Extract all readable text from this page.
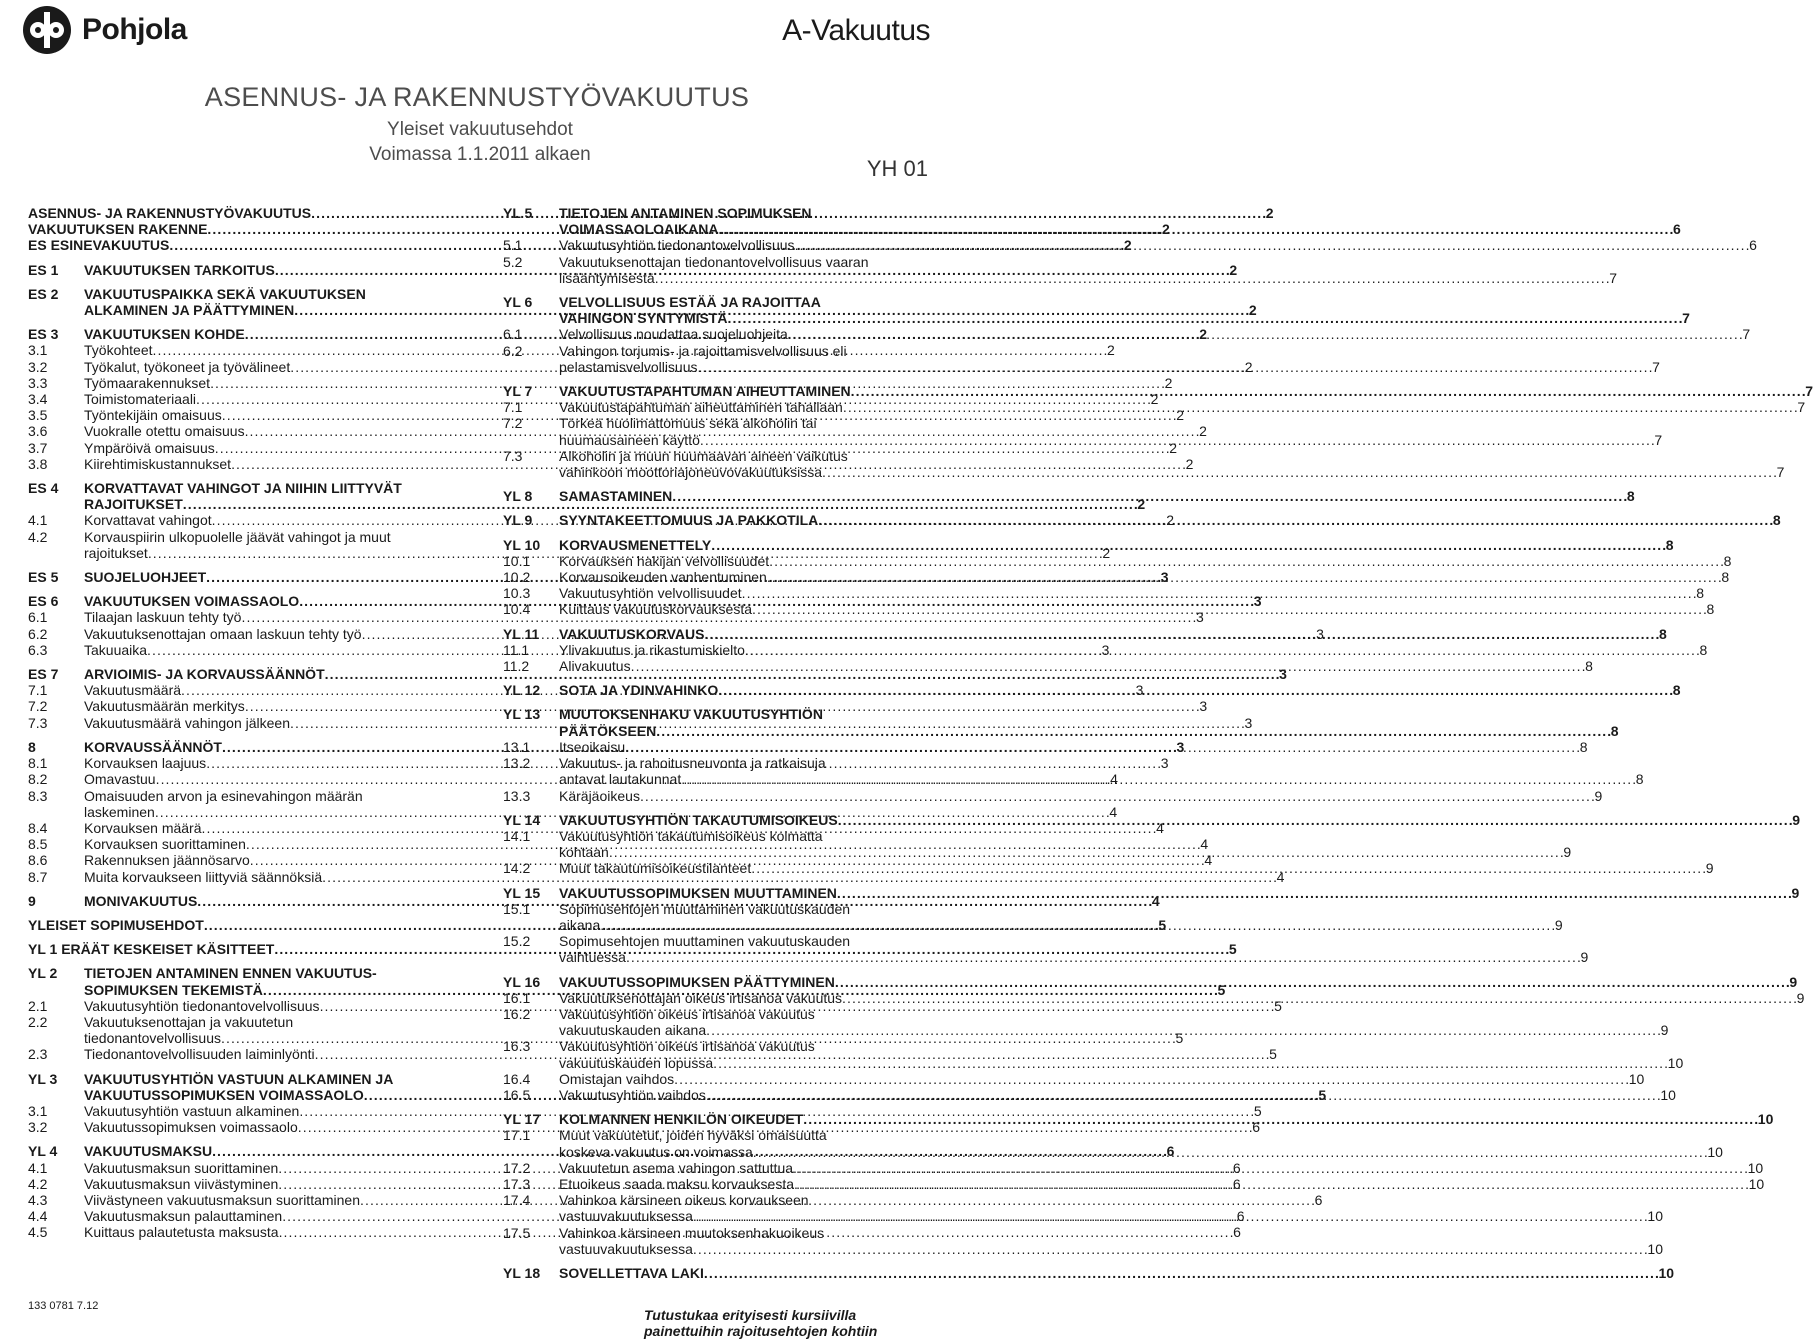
Pohjola	A-Vakuutus
ASENNUS- JA RAKENNUSTYÖVAKUUTUS
Yleiset vakuutusehdot
Voimassa 1.1.2011 alkaen
YH 01
ASENNUS- JA RAKENNUSTYÖVAKUUTUS . . .	2
VAKUUTUKSEN RAKENNE . . .	2
ES ESINEVAKUUTUS . . .	2
ES 1	VAKUUTUKSEN TARKOITUS . . .	2
ES 2	VAKUUTUSPAIKKA SEKÄ VAKUUTUKSEN
ALKAMINEN JA PÄÄTTYMINEN . . .	2
ES 3	VAKUUTUKSEN KOHDE . . .	2
3.1	Työkohteet . . .	2
3.2	Työkalut, työkoneet ja työvälineet . . .	2
3.3	Työmaarakennukset . . .	2
3.4	Toimistomateriaali . . .	2
3.5	Työntekijäin omaisuus . . .	2
3.6	Vuokralle otettu omaisuus . . .	2
3.7	Ympäröivä omaisuus . . .	2
3.8	Kiirehtimiskustannukset . . .	2
ES 4	KORVATTAVAT VAHINGOT JA NIIHIN LIITTYVÄT
RAJOITUKSET . . .	2
4.1	Korvattavat vahingot . . .	2
4.2	Korvauspiirin ulkopuolelle jäävät vahingot ja muut
rajoitukset . . .	2
ES 5	SUOJELUOHJEET . . .	3
ES 6	VAKUUTUKSEN VOIMASSAOLO . . .	3
6.1	Tilaajan laskuun tehty työ . . .	3
6.2	Vakuutuksenottajan omaan laskuun tehty työ . . .	3
6.3	Takuuaika . . .	3
ES 7	ARVIOIMIS- JA KORVAUSSÄÄNNÖT . . .	3
7.1	Vakuutusmäärä . . .	3
7.2	Vakuutusmäärän merkitys . . .	3
7.3	Vakuutusmäärä vahingon jälkeen . . .	3
8	KORVAUSSÄÄNNÖT . . .	3
8.1	Korvauksen laajuus . . .	3
8.2	Omavastuu . . .	4
8.3	Omaisuuden arvon ja esinevahingon määrän
laskeminen . . .	4
8.4	Korvauksen määrä . . .	4
8.5	Korvauksen suorittaminen . . .	4
8.6	Rakennuksen jäännösarvo . . .	4
8.7	Muita korvaukseen liittyviä säännöksiä . . .	4
9	MONIVAKUUTUS . . .	4
YLEISET SOPIMUSEHDOT . . .	5
YL 1 ERÄÄT KESKEISET KÄSITTEET . . .	5
YL 2	TIETOJEN ANTAMINEN ENNEN VAKUUTUS-
SOPIMUKSEN TEKEMISTÄ . . .	5
2.1	Vakuutusyhtiön tiedonantovelvollisuus . . .	5
2.2	Vakuutuksenottajan ja vakuutetun
tiedonantovelvollisuus . . .	5
2.3	Tiedonantovelvollisuuden laiminlyönti . . .	5
YL 3	VAKUUTUSYHTIÖN VASTUUN ALKAMINEN JA
VAKUUTUSSOPIMUKSEN VOIMASSAOLO . . .	5
3.1	Vakuutusyhtiön vastuun alkaminen . . .	5
3.2	Vakuutussopimuksen voimassaolo . . .	6
YL 4	VAKUUTUSMAKSU . . .	6
4.1	Vakuutusmaksun suorittaminen . . .	6
4.2	Vakuutusmaksun viivästyminen . . .	6
4.3	Viivästyneen vakuutusmaksun suorittaminen . . .	6
4.4	Vakuutusmaksun palauttaminen . . .	6
4.5	Kuittaus palautetusta maksusta . . .	6
YL 5	TIETOJEN ANTAMINEN SOPIMUKSEN
VOIMASSAOLOAIKANA . . .	6
5.1	Vakuutusyhtiön tiedonantovelvollisuus . . .	6
5.2	Vakuutuksenottajan tiedonantovelvollisuus vaaran
lisääntymisestä . . .	7
YL 6	VELVOLLISUUS ESTÄÄ JA RAJOITTAA
VAHINGON SYNTYMISTÄ . . .	7
6.1	Velvollisuus noudattaa suojeluohjeita . . .	7
6.2	Vahingon torjumis- ja rajoittamisvelvollisuus eli
pelastamisvelvollisuus . . .	7
YL 7	VAKUUTUSTAPAHTUMAN AIHEUTTAMINEN . . .	7
7.1	Vakuutustapahtuman aiheuttaminen tahallaan . . .	7
7.2	Törkeä huolimattomuus sekä alkoholin tai
huumausaineen käyttö . . .	7
7.3	Alkoholin ja muun huumaavan aineen vaikutus
vahinkoon moottoriajoneuvovakuutuksissa . . .	7
YL 8	SAMASTAMINEN . . .	8
YL 9	SYYNTAKEETTOMUUS JA PAKKOTILA . . .	8
YL 10	KORVAUSMENETTELY . . .	8
10.1	Korvauksen hakijan velvollisuudet . . .	8
10.2	Korvausoikeuden vanhentuminen . . .	8
10.3	Vakuutusyhtiön velvollisuudet . . .	8
10.4	Kuittaus vakuutuskorvauksesta . . .	8
YL 11	VAKUUTUSKORVAUS . . .	8
11.1	Ylivakuutus ja rikastumiskielto . . .	8
11.2	Alivakuutus . . .	8
YL 12	SOTA JA YDINVAHINKO . . .	8
YL 13	MUUTOKSENHAKU VAKUUTUSYHTIÖN
PÄÄTÖKSEEN . . .	8
13.1	Itseoikaisu . . .	8
13.2	Vakuutus- ja rahoitusneuvonta ja ratkaisuja
antavat lautakunnat . . .	8
13.3	Käräjäoikeus . . .	9
YL 14	VAKUUTUSYHTIÖN TAKAUTUMISOIKEUS . . .	9
14.1	Vakuutusyhtiön takautumisoikeus kolmatta
kohtaan . . .	9
14.2	Muut takautumisoikeustilanteet . . .	9
YL 15	VAKUUTUSSOPIMUKSEN MUUTTAMINEN . . .	9
15.1	Sopimusehtojen muuttaminen vakuutuskauden
aikana . . .	9
15.2	Sopimusehtojen muuttaminen vakuutuskauden
vaihtuessa . . .	9
YL 16	VAKUUTUSSOPIMUKSEN PÄÄTTYMINEN . . .	9
16.1	Vakuutuksenottajan oikeus irtisanoa vakuutus . . .	9
16.2	Vakuutusyhtiön oikeus irtisanoa vakuutus
vakuutuskauden aikana . . .	9
16.3	Vakuutusyhtiön oikeus irtisanoa vakuutus
vakuutuskauden lopussa . . .	10
16.4	Omistajan vaihdos . . .	10
16.5	Vakuutusyhtiön vaihdos . . .	10
YL 17	KOLMANNEN HENKILÖN OIKEUDET . . .	10
17.1	Muut vakuutetut, joiden hyväksi omaisuutta
koskeva vakuutus on voimassa . . .	10
17.2	Vakuutetun asema vahingon sattuttua . . .	10
17.3	Etuoikeus saada maksu korvauksesta . . .	10
17.4	Vahinkoa kärsineen oikeus korvaukseen
vastuuvakuutuksessa . . .	10
17.5	Vahinkoa kärsineen muutoksenhakuoikeus
vastuuvakuutuksessa . . .	10
YL 18	SOVELLETTAVA LAKI . . .	10
133 0781 7.12
Tutustukaa erityisesti kursiivilla
painettuihin rajoitusehtojen kohtiin
